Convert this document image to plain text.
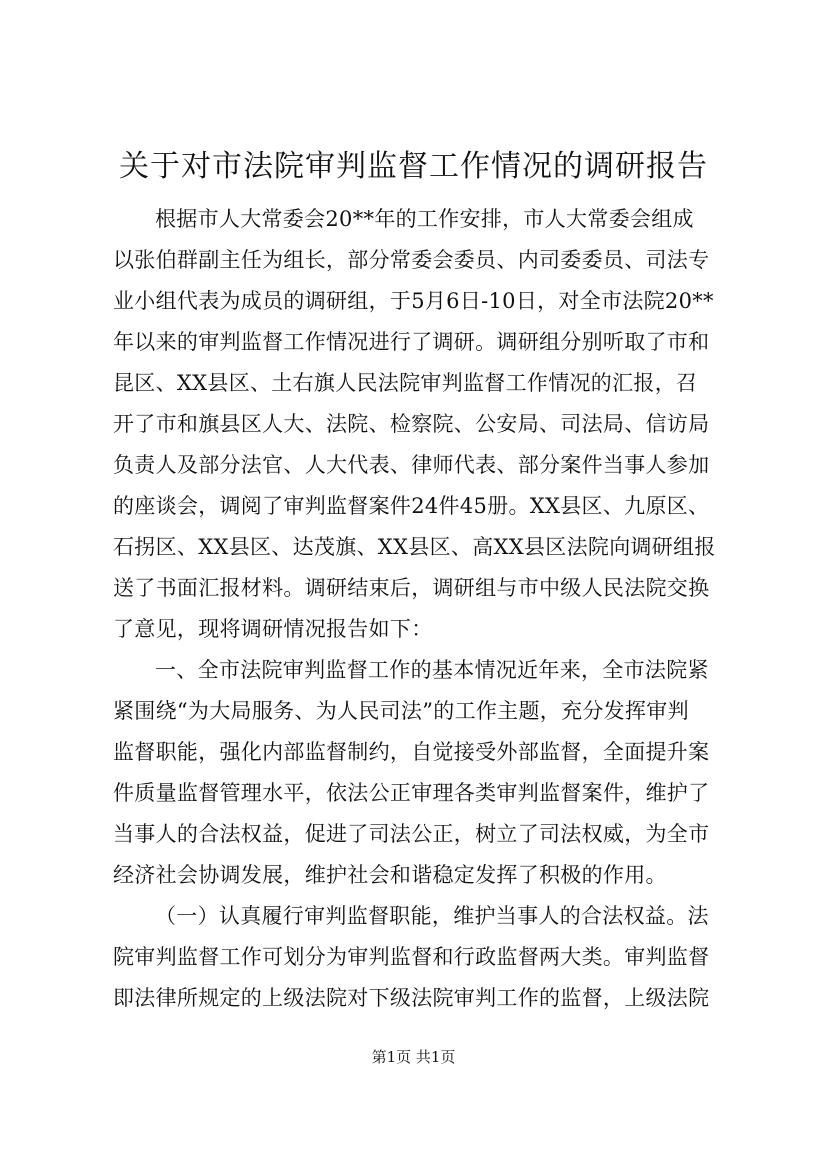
关于对市法院审判监督工作情况的调研报告
根据市人大常委会20**年的工作安排，市人大常委会组成
以张伯群副主任为组长，部分常委会委员、内司委委员、司法专
业小组代表为成员的调研组，于5月6日-10日，对全市法院20**
年以来的审判监督工作情况进行了调研。调研组分别听取了市和
昆区、XX县区、土右旗人民法院审判监督工作情况的汇报，召
开了市和旗县区人大、法院、检察院、公安局、司法局、信访局
负责人及部分法官、人大代表、律师代表、部分案件当事人参加
的座谈会，调阅了审判监督案件24件45册。XX县区、九原区、
石拐区、XX县区、达茂旗、XX县区、高XX县区法院向调研组报
送了书面汇报材料。调研结束后，调研组与市中级人民法院交换
了意见，现将调研情况报告如下：
一、全市法院审判监督工作的基本情况近年来，全市法院紧
紧围绕“为大局服务、为人民司法”的工作主题，充分发挥审判
监督职能，强化内部监督制约，自觉接受外部监督，全面提升案
件质量监督管理水平，依法公正审理各类审判监督案件，维护了
当事人的合法权益，促进了司法公正，树立了司法权威，为全市
经济社会协调发展，维护社会和谐稳定发挥了积极的作用。
（一）认真履行审判监督职能，维护当事人的合法权益。法
院审判监督工作可划分为审判监督和行政监督两大类。审判监督
即法律所规定的上级法院对下级法院审判工作的监督，上级法院
第1页 共1页
